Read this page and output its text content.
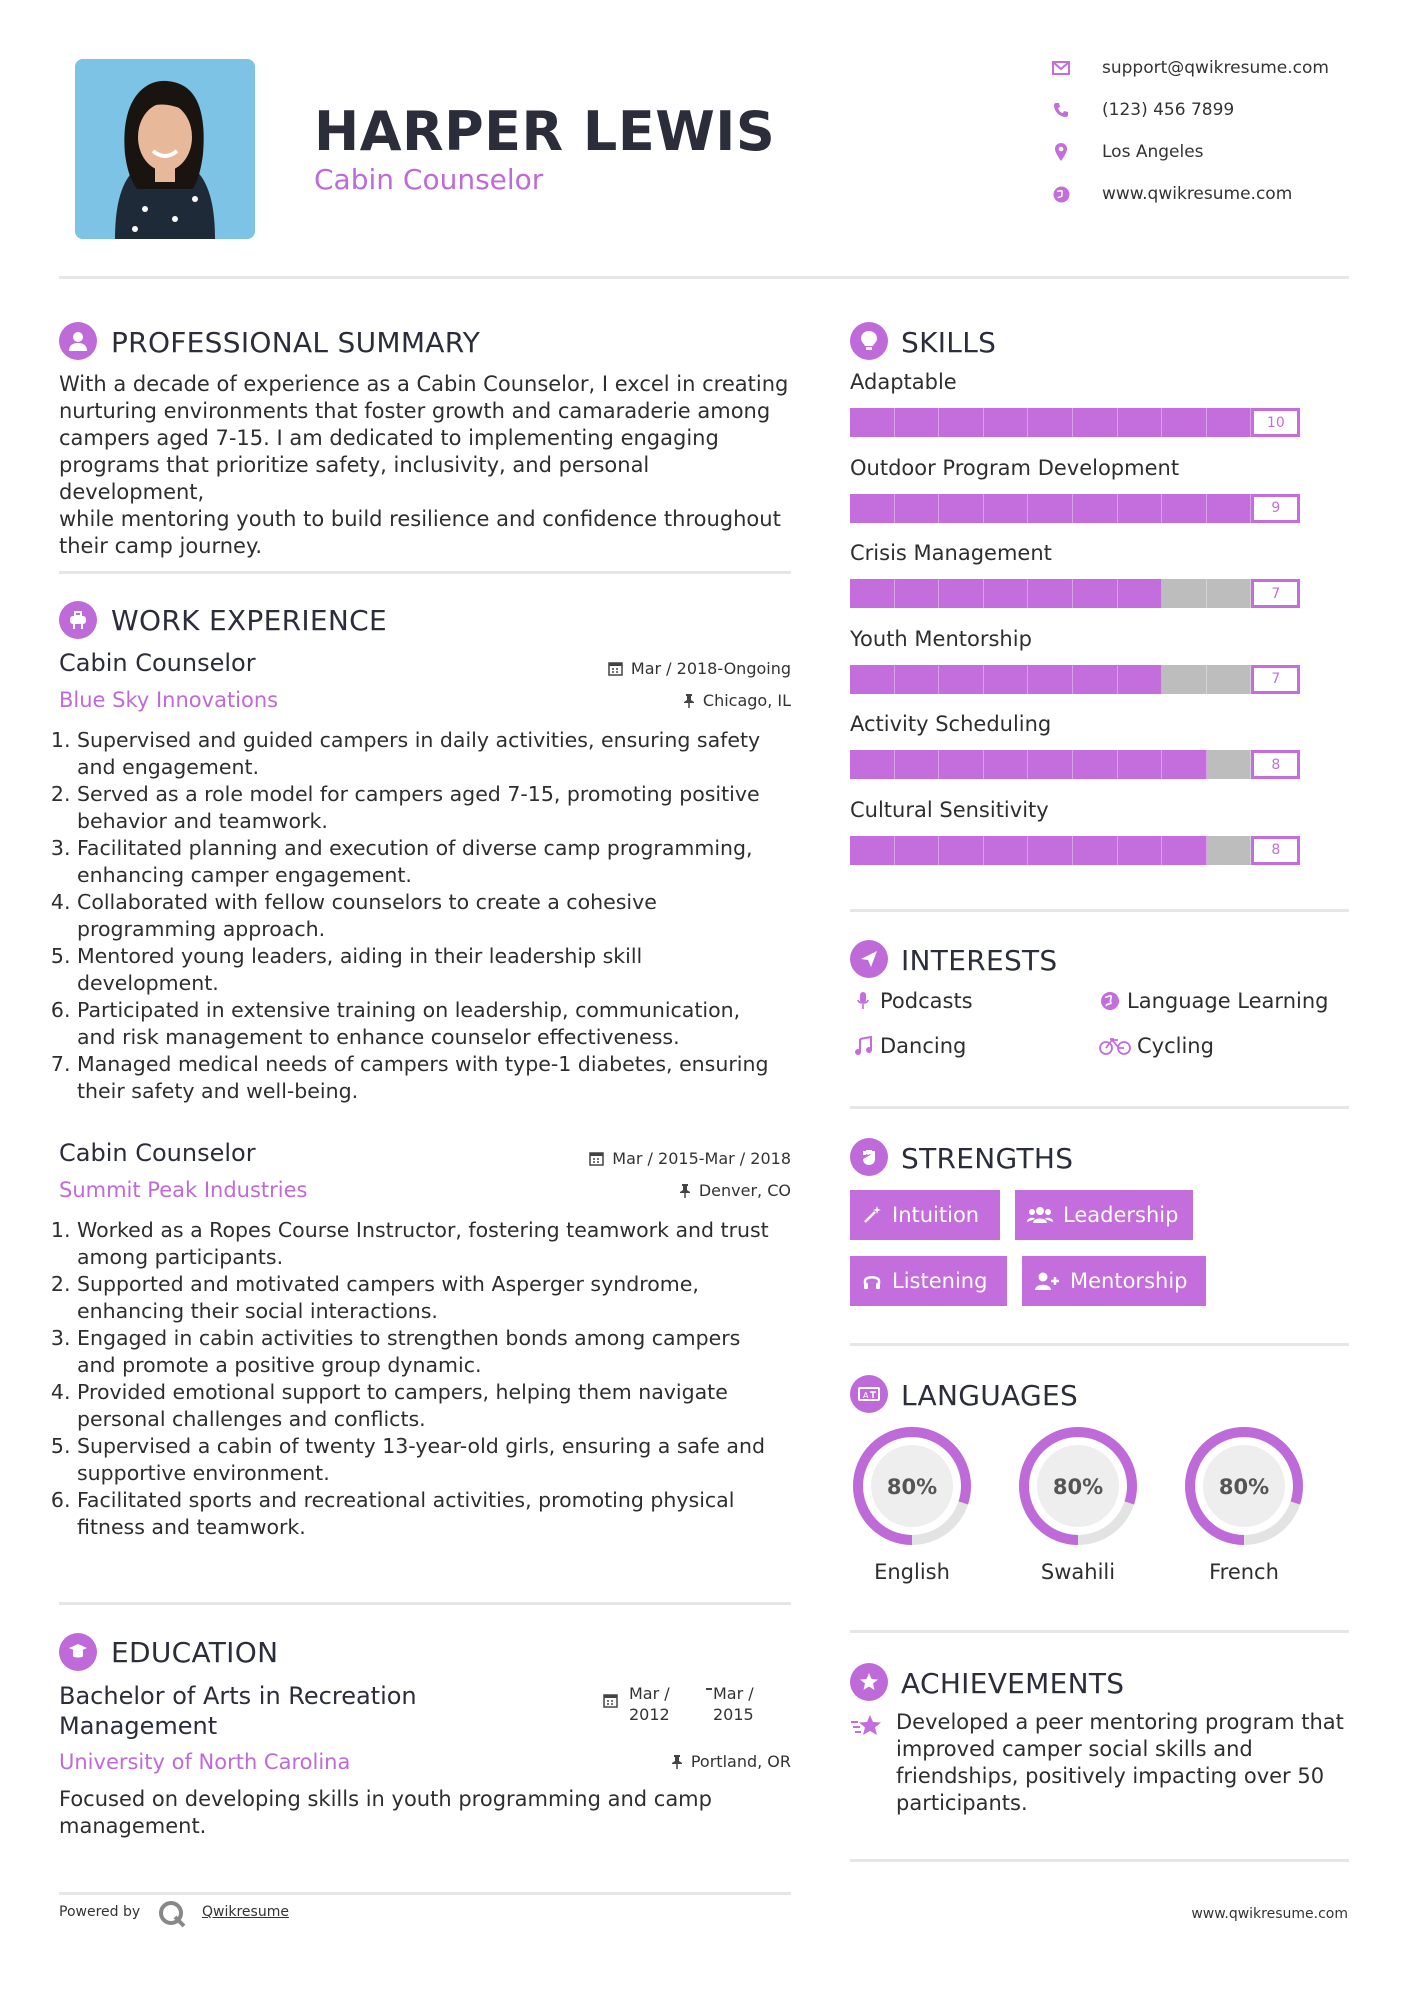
HARPER LEWIS
Cabin Counselor
support@qwikresume.com
(123) 456 7899
Los Angeles
www.qwikresume.com
PROFESSIONAL SUMMARY
With a decade of experience as a Cabin Counselor, I excel in creating
nurturing environments that foster growth and camaraderie among
campers aged 7-15. I am dedicated to implementing engaging
programs that prioritize safety, inclusivity, and personal development,
while mentoring youth to build resilience and confidence throughout
their camp journey.
WORK EXPERIENCE
Cabin Counselor
Blue Sky Innovations
Mar / 2018-Ongoing
Chicago, IL
1. Supervised and guided campers in daily activities, ensuring safety
and engagement.
2. Served as a role model for campers aged 7-15, promoting positive
behavior and teamwork.
3. Facilitated planning and execution of diverse camp programming,
enhancing camper engagement.
4. Collaborated with fellow counselors to create a cohesive
programming approach.
5. Mentored young leaders, aiding in their leadership skill
development.
6. Participated in extensive training on leadership, communication,
and risk management to enhance counselor effectiveness.
7. Managed medical needs of campers with type-1 diabetes, ensuring
their safety and well-being.
Cabin Counselor
Summit Peak Industries
Mar / 2015-Mar / 2018
Denver, CO
1. Worked as a Ropes Course Instructor, fostering teamwork and trust
among participants.
2. Supported and motivated campers with Asperger syndrome,
enhancing their social interactions.
3. Engaged in cabin activities to strengthen bonds among campers
and promote a positive group dynamic.
4. Provided emotional support to campers, helping them navigate
personal challenges and conflicts.
5. Supervised a cabin of twenty 13-year-old girls, ensuring a safe and
supportive environment.
6. Facilitated sports and recreational activities, promoting physical
fitness and teamwork.
EDUCATION
Bachelor of Arts in Recreation
Management
University of North Carolina
Mar /
2012
Mar /
2015
Portland, OR
Focused on developing skills in youth programming and camp
management.
Powered by	Qwikresume	www.qwikresume.com
SKILLS
Adaptable
10
Outdoor Program Development
9
Crisis Management
7
Youth Mentorship
7
Activity Scheduling
8
Cultural Sensitivity
8
INTERESTS
Podcasts	Language Learning
Dancing	Cycling
STRENGTHS
Intuition	Leadership
Listening	Mentorship
A LANGUAGES
80%
English
80%
Swahili
80%
French
ACHIEVEMENTS
Developed a peer mentoring program that
improved camper social skills and
friendships, positively impacting over 50
participants.
